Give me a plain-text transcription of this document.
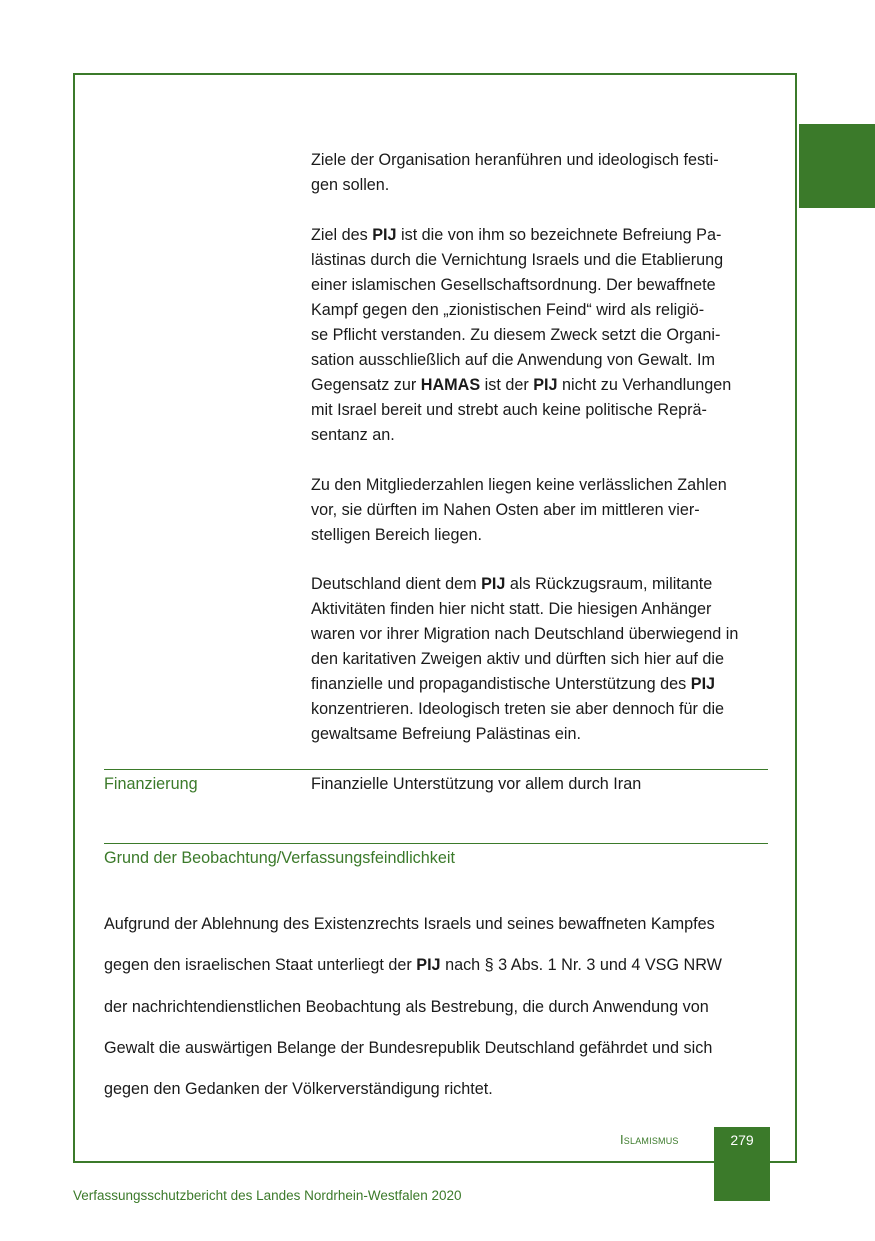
Ziele der Organisation heranführen und ideologisch festi-

gen sollen.

Ziel des PIJ ist die von ihm so bezeichnete Befreiung Pa-

lästinas durch die Vernichtung Israels und die Etablierung

einer islamischen Gesellschaftsordnung. Der bewaffnete

Kampf gegen den „zionistischen Feind“ wird als religiö-

se Pflicht verstanden. Zu diesem Zweck setzt die Organi-

sation ausschließlich auf die Anwendung von Gewalt. Im

Gegensatz zur HAMAS ist der PIJ nicht zu Verhandlungen

mit Israel bereit und strebt auch keine politische Reprä-

sentanz an.

Zu den Mitgliederzahlen liegen keine verlässlichen Zahlen

vor, sie dürften im Nahen Osten aber im mittleren vier-

stelligen Bereich liegen.

Deutschland dient dem PIJ als Rückzugsraum, militante

Aktivitäten finden hier nicht statt. Die hiesigen Anhänger

waren vor ihrer Migration nach Deutschland überwiegend in

den karitativen Zweigen aktiv und dürften sich hier auf die

finanzielle und propagandistische Unterstützung des PIJ

konzentrieren. Ideologisch treten sie aber dennoch für die

gewaltsame Befreiung Palästinas ein.

Finanzierung	Finanzielle Unterstützung vor allem durch Iran
Grund der Beobachtung/Verfassungsfeindlichkeit

Aufgrund der Ablehnung des Existenzrechts Israels und seines bewaffneten Kampfes

gegen den israelischen Staat unterliegt der PIJ nach § 3 Abs. 1 Nr. 3 und 4 VSG NRW

der nachrichtendienstlichen Beobachtung als Bestrebung, die durch Anwendung von

Gewalt die auswärtigen Belange der Bundesrepublik Deutschland gefährdet und sich

gegen den Gedanken der Völkerverständigung richtet.

Islamismus	279
Verfassungsschutzbericht des Landes Nordrhein-Westfalen 2020
